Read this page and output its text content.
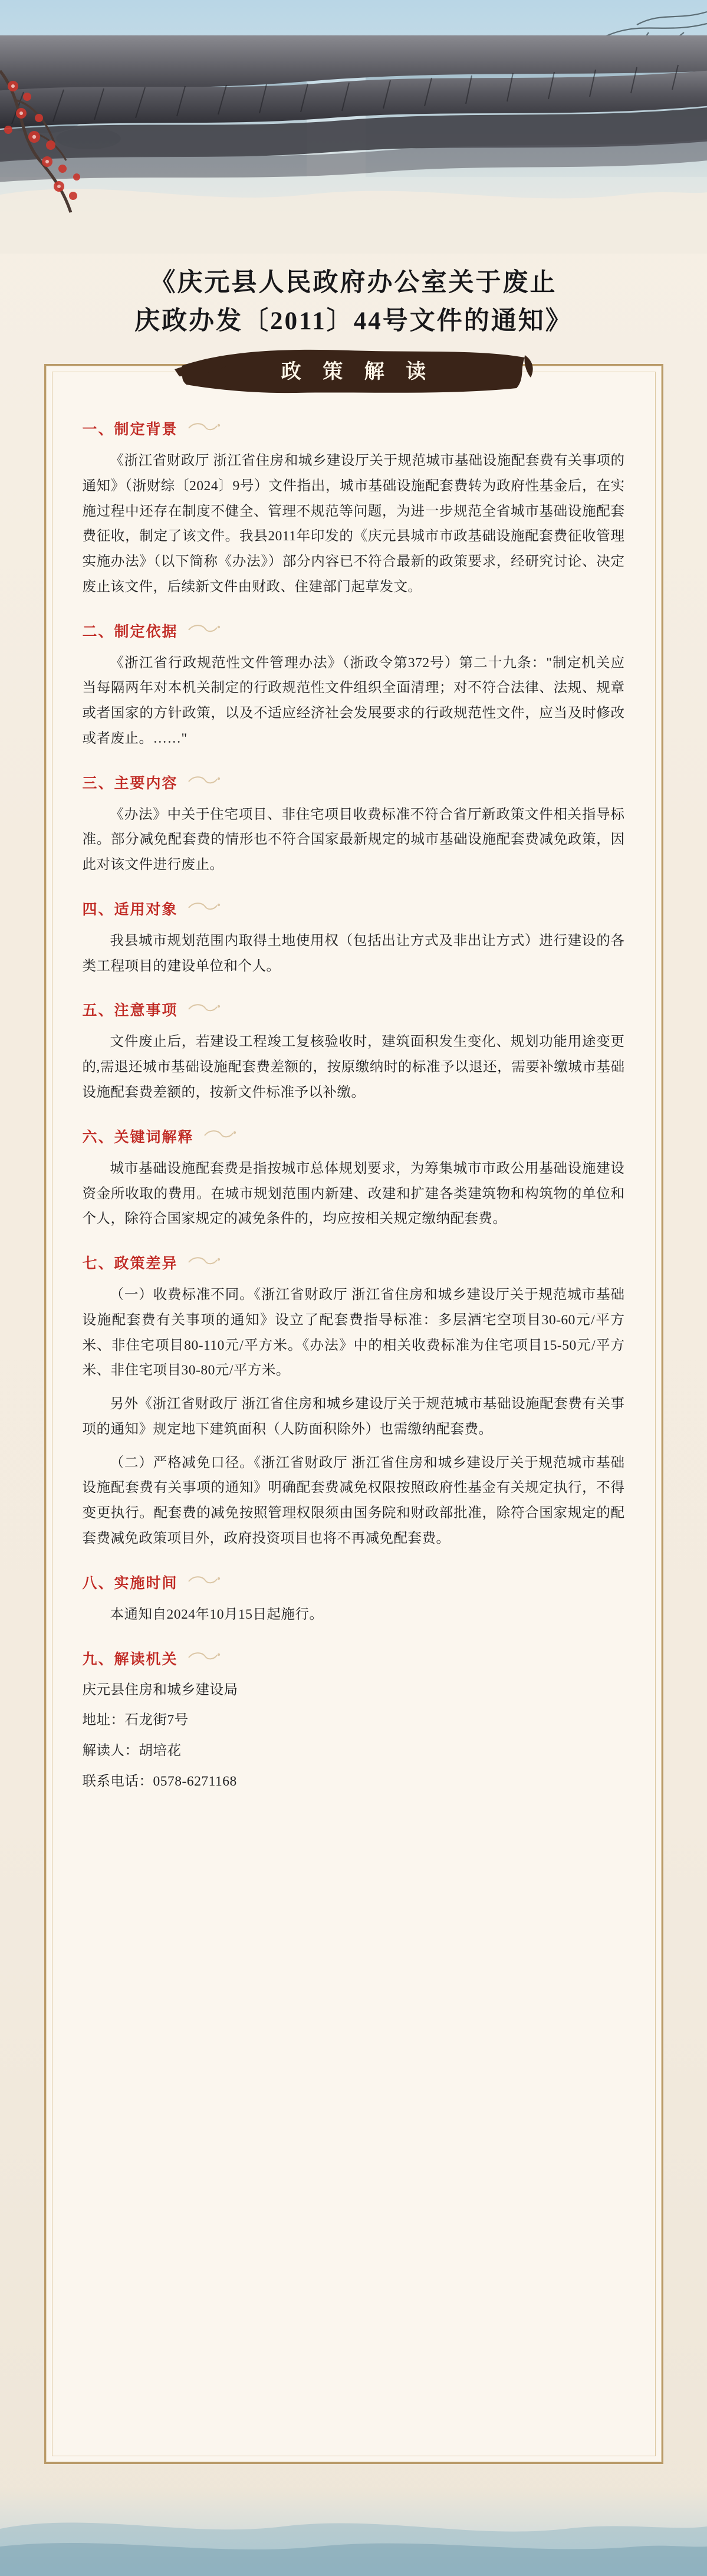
《庆元县人民政府办公室关于废止
庆政办发〔2011〕44号文件的通知》
政 策 解 读
一、制定背景

《浙江省财政厅 浙江省住房和城乡建设厅关于规范城市基础设施配套费有关事项的通知》（浙财综〔2024〕9号）文件指出，城市基础设施配套费转为政府性基金后，在实施过程中还存在制度不健全、管理不规范等问题，为进一步规范全省城市基础设施配套费征收，制定了该文件。我县2011年印发的《庆元县城市市政基础设施配套费征收管理实施办法》（以下简称《办法》）部分内容已不符合最新的政策要求，经研究讨论、决定废止该文件，后续新文件由财政、住建部门起草发文。

二、制定依据

《浙江省行政规范性文件管理办法》（浙政令第372号）第二十九条："制定机关应当每隔两年对本机关制定的行政规范性文件组织全面清理；对不符合法律、法规、规章或者国家的方针政策，以及不适应经济社会发展要求的行政规范性文件，应当及时修改或者废止。……"

三、主要内容

《办法》中关于住宅项目、非住宅项目收费标准不符合省厅新政策文件相关指导标准。部分减免配套费的情形也不符合国家最新规定的城市基础设施配套费减免政策，因此对该文件进行废止。

四、适用对象

我县城市规划范围内取得土地使用权（包括出让方式及非出让方式）进行建设的各类工程项目的建设单位和个人。

五、注意事项

文件废止后，若建设工程竣工复核验收时，建筑面积发生变化、规划功能用途变更的,需退还城市基础设施配套费差额的，按原缴纳时的标准予以退还，需要补缴城市基础设施配套费差额的，按新文件标准予以补缴。

六、关键词解释

城市基础设施配套费是指按城市总体规划要求，为筹集城市市政公用基础设施建设资金所收取的费用。在城市规划范围内新建、改建和扩建各类建筑物和构筑物的单位和个人，除符合国家规定的减免条件的，均应按相关规定缴纳配套费。

七、政策差异

（一）收费标准不同。《浙江省财政厅 浙江省住房和城乡建设厅关于规范城市基础设施配套费有关事项的通知》设立了配套费指导标准：多层酒宅空项目30-60元/平方米、非住宅项目80-110元/平方米。《办法》中的相关收费标准为住宅项目15-50元/平方米、非住宅项目30-80元/平方米。

另外《浙江省财政厅 浙江省住房和城乡建设厅关于规范城市基础设施配套费有关事项的通知》规定地下建筑面积（人防面积除外）也需缴纳配套费。

（二）严格减免口径。《浙江省财政厅 浙江省住房和城乡建设厅关于规范城市基础设施配套费有关事项的通知》明确配套费减免权限按照政府性基金有关规定执行，不得变更执行。配套费的减免按照管理权限须由国务院和财政部批准，除符合国家规定的配套费减免政策项目外，政府投资项目也将不再减免配套费。

八、实施时间

本通知自2024年10月15日起施行。

九、解读机关

庆元县住房和城乡建设局

地址：石龙街7号

解读人：胡培花

联系电话：0578-6271168
